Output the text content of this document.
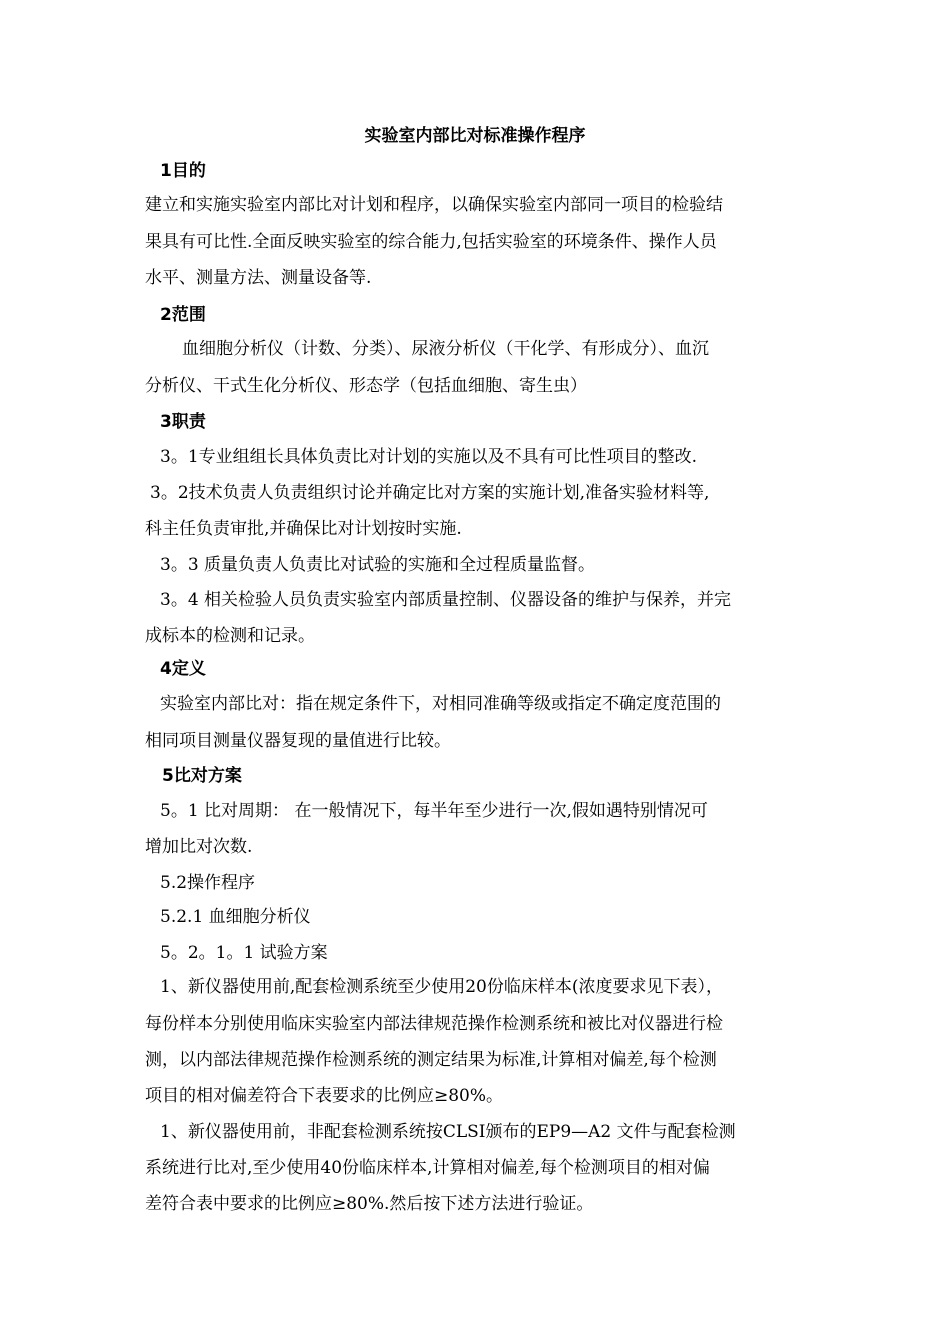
实验室内部比对标准操作程序
1目的
建立和实施实验室内部比对计划和程序，以确保实验室内部同一项目的检验结
果具有可比性.全面反映实验室的综合能力,包括实验室的环境条件、操作人员
水平、测量方法、测量设备等.
2范围
血细胞分析仪（计数、分类）、尿液分析仪（干化学、有形成分）、血沉
分析仪、干式生化分析仪、形态学（包括血细胞、寄生虫）
3职责
3。1专业组组长具体负责比对计划的实施以及不具有可比性项目的整改.
3。2技术负责人负责组织讨论并确定比对方案的实施计划,准备实验材料等,
科主任负责审批,并确保比对计划按时实施.
3。3 质量负责人负责比对试验的实施和全过程质量监督。
3。4 相关检验人员负责实验室内部质量控制、仪器设备的维护与保养，并完
成标本的检测和记录。
4定义
实验室内部比对：指在规定条件下，对相同准确等级或指定不确定度范围的
相同项目测量仪器复现的量值进行比较。
5比对方案
5。1 比对周期： 在一般情况下，每半年至少进行一次,假如遇特别情况可
增加比对次数.
5.2操作程序
5.2.1 血细胞分析仪
5。2。1。1 试验方案
1、新仪器使用前,配套检测系统至少使用20份临床样本(浓度要求见下表），
每份样本分别使用临床实验室内部法律规范操作检测系统和被比对仪器进行检
测，以内部法律规范操作检测系统的测定结果为标准,计算相对偏差,每个检测
项目的相对偏差符合下表要求的比例应≥80%。
1、新仪器使用前，非配套检测系统按CLSI颁布的EP9—A2 文件与配套检测
系统进行比对,至少使用40份临床样本,计算相对偏差,每个检测项目的相对偏
差符合表中要求的比例应≥80%.然后按下述方法进行验证。
